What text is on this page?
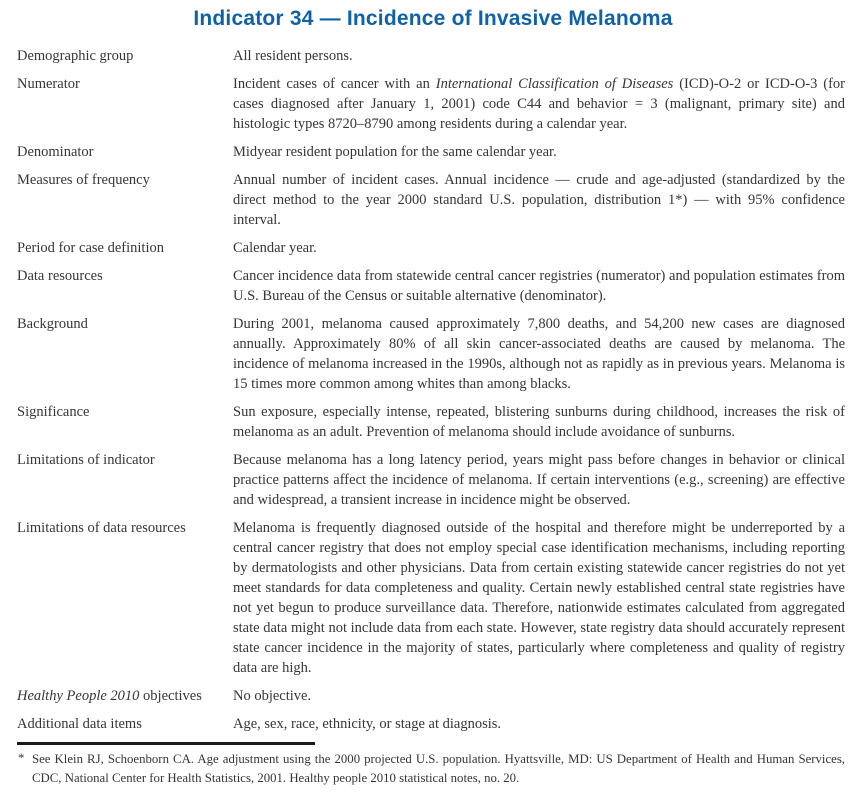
Indicator 34 — Incidence of Invasive Melanoma
Demographic group	All resident persons.
Numerator	Incident cases of cancer with an International Classification of Diseases (ICD)-O-2 or ICD-O-3 (for cases diagnosed after January 1, 2001) code C44 and behavior = 3 (malignant, primary site) and histologic types 8720–8790 among residents during a calendar year.
Denominator	Midyear resident population for the same calendar year.
Measures of frequency	Annual number of incident cases. Annual incidence — crude and age-adjusted (standardized by the direct method to the year 2000 standard U.S. population, distribution 1*) — with 95% confidence interval.
Period for case definition	Calendar year.
Data resources	Cancer incidence data from statewide central cancer registries (numerator) and population estimates from U.S. Bureau of the Census or suitable alternative (denominator).
Background	During 2001, melanoma caused approximately 7,800 deaths, and 54,200 new cases are diagnosed annually. Approximately 80% of all skin cancer-associated deaths are caused by melanoma. The incidence of melanoma increased in the 1990s, although not as rapidly as in previous years. Melanoma is 15 times more common among whites than among blacks.
Significance	Sun exposure, especially intense, repeated, blistering sunburns during childhood, increases the risk of melanoma as an adult. Prevention of melanoma should include avoidance of sunburns.
Limitations of indicator	Because melanoma has a long latency period, years might pass before changes in behavior or clinical practice patterns affect the incidence of melanoma. If certain interventions (e.g., screening) are effective and widespread, a transient increase in incidence might be observed.
Limitations of data resources	Melanoma is frequently diagnosed outside of the hospital and therefore might be underreported by a central cancer registry that does not employ special case identification mechanisms, including reporting by dermatologists and other physicians. Data from certain existing statewide cancer registries do not yet meet standards for data completeness and quality. Certain newly established central state registries have not yet begun to produce surveillance data. Therefore, nationwide estimates calculated from aggregated state data might not include data from each state. However, state registry data should accurately represent state cancer incidence in the majority of states, particularly where completeness and quality of registry data are high.
Healthy People 2010 objectives	No objective.
Additional data items	Age, sex, race, ethnicity, or stage at diagnosis.
* See Klein RJ, Schoenborn CA. Age adjustment using the 2000 projected U.S. population. Hyattsville, MD: US Department of Health and Human Services, CDC, National Center for Health Statistics, 2001. Healthy people 2010 statistical notes, no. 20.
